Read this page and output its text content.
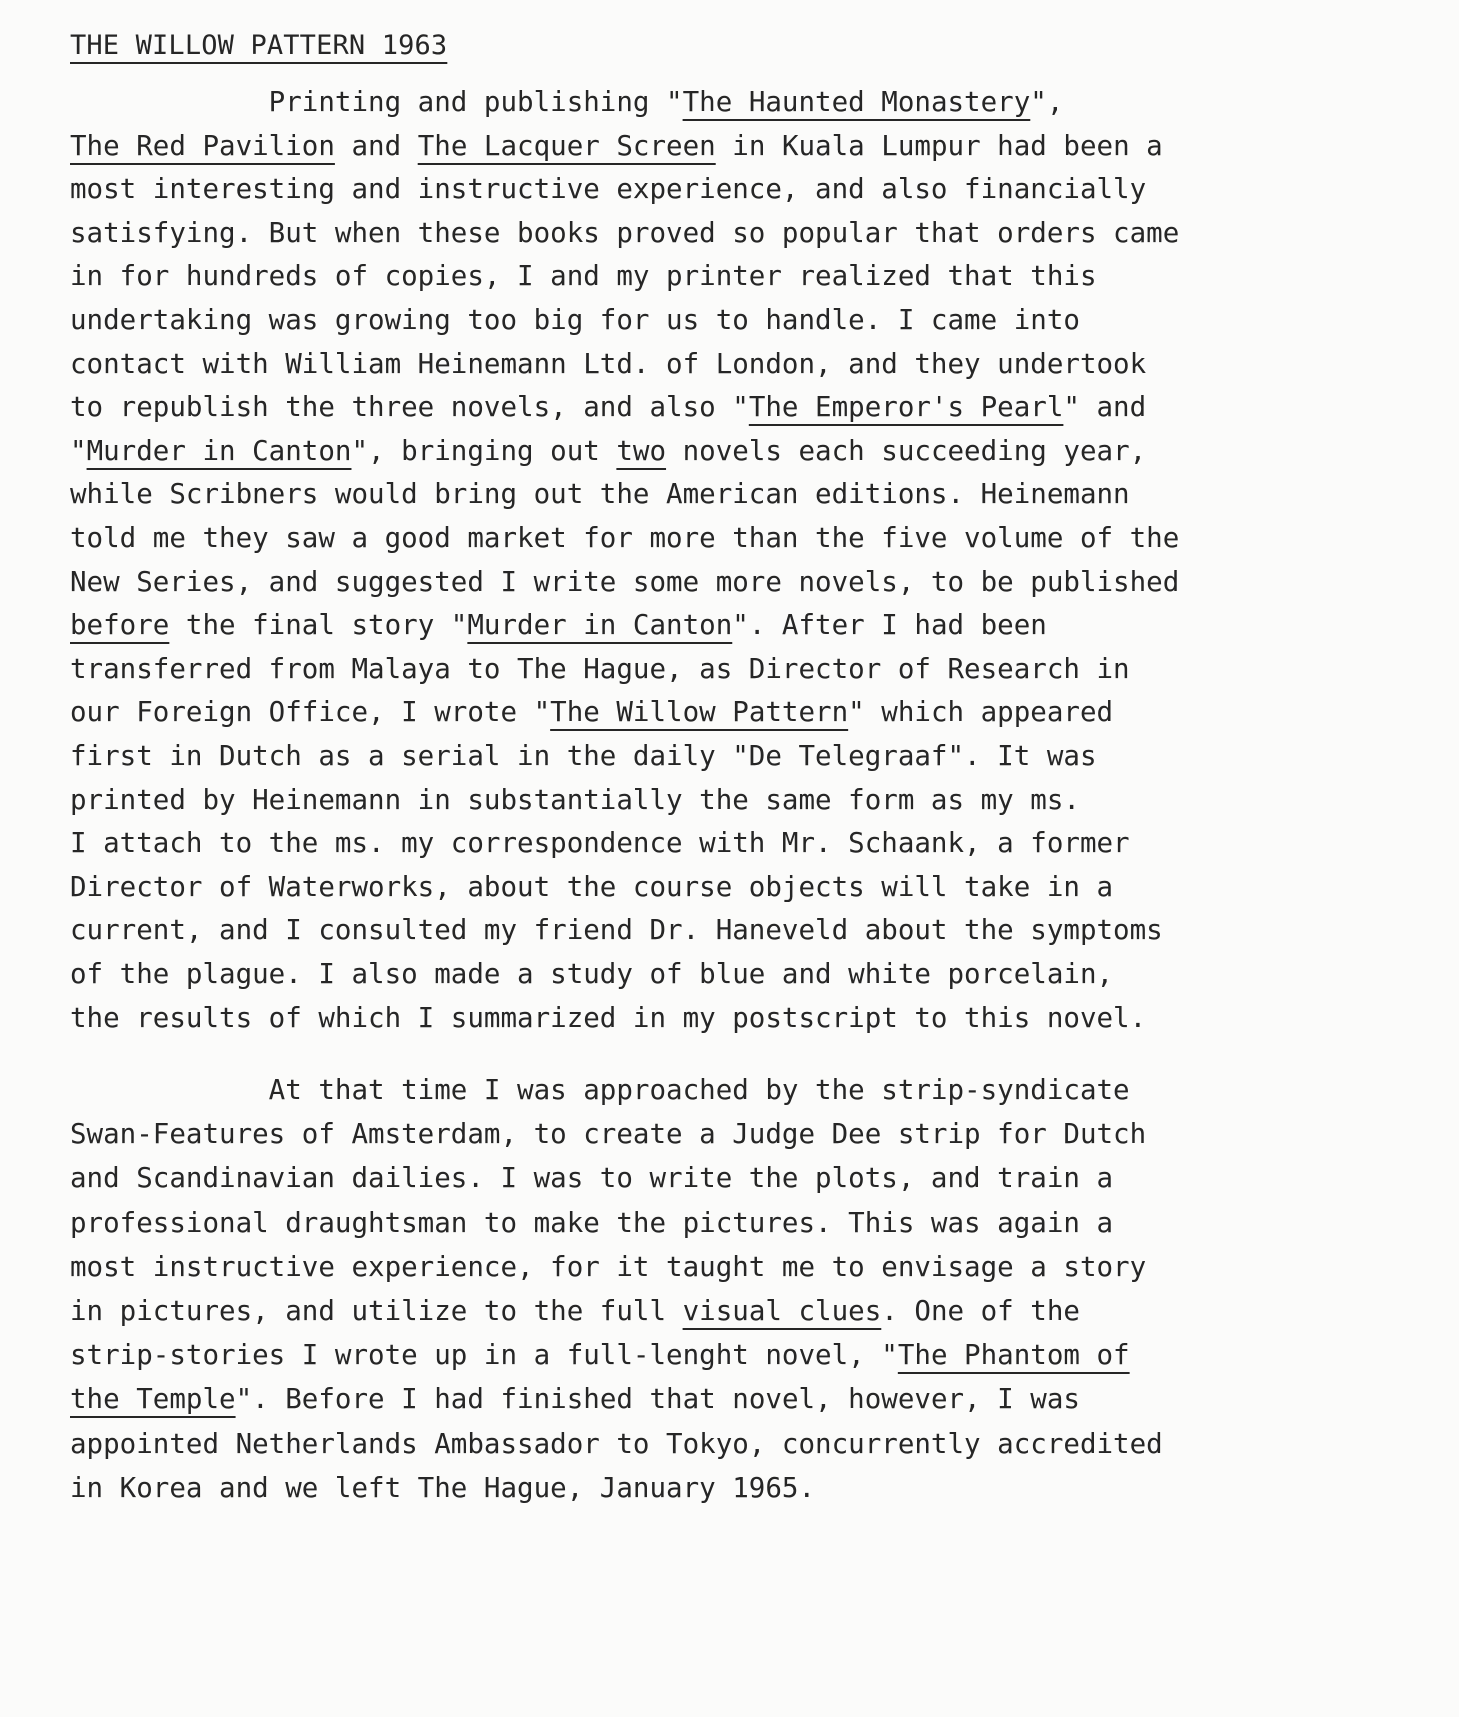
THE WILLOW PATTERN 1963
Printing and publishing "The Haunted Monastery",
The Red Pavilion and The Lacquer Screen in Kuala Lumpur had been a
most interesting and instructive experience, and also financially
satisfying. But when these books proved so popular that orders came
in for hundreds of copies, I and my printer realized that this
undertaking was growing too big for us to handle. I came into
contact with William Heinemann Ltd. of London, and they undertook
to republish the three novels, and also "The Emperor's Pearl" and
"Murder in Canton", bringing out two novels each succeeding year,
while Scribners would bring out the American editions. Heinemann
told me they saw a good market for more than the five volume of the
New Series, and suggested I write some more novels, to be published
before the final story "Murder in Canton". After I had been
transferred from Malaya to The Hague, as Director of Research in
our Foreign Office, I wrote "The Willow Pattern" which appeared
first in Dutch as a serial in the daily "De Telegraaf". It was
printed by Heinemann in substantially the same form as my ms.
I attach to the ms. my correspondence with Mr. Schaank, a former
Director of Waterworks, about the course objects will take in a
current, and I consulted my friend Dr. Haneveld about the symptoms
of the plague. I also made a study of blue and white porcelain,
the results of which I summarized in my postscript to this novel.
At that time I was approached by the strip-syndicate
Swan-Features of Amsterdam, to create a Judge Dee strip for Dutch
and Scandinavian dailies. I was to write the plots, and train a
professional draughtsman to make the pictures. This was again a
most instructive experience, for it taught me to envisage a story
in pictures, and utilize to the full visual clues. One of the
strip-stories I wrote up in a full-lenght novel, "The Phantom of
the Temple". Before I had finished that novel, however, I was
appointed Netherlands Ambassador to Tokyo, concurrently accredited
in Korea and we left The Hague, January 1965.
